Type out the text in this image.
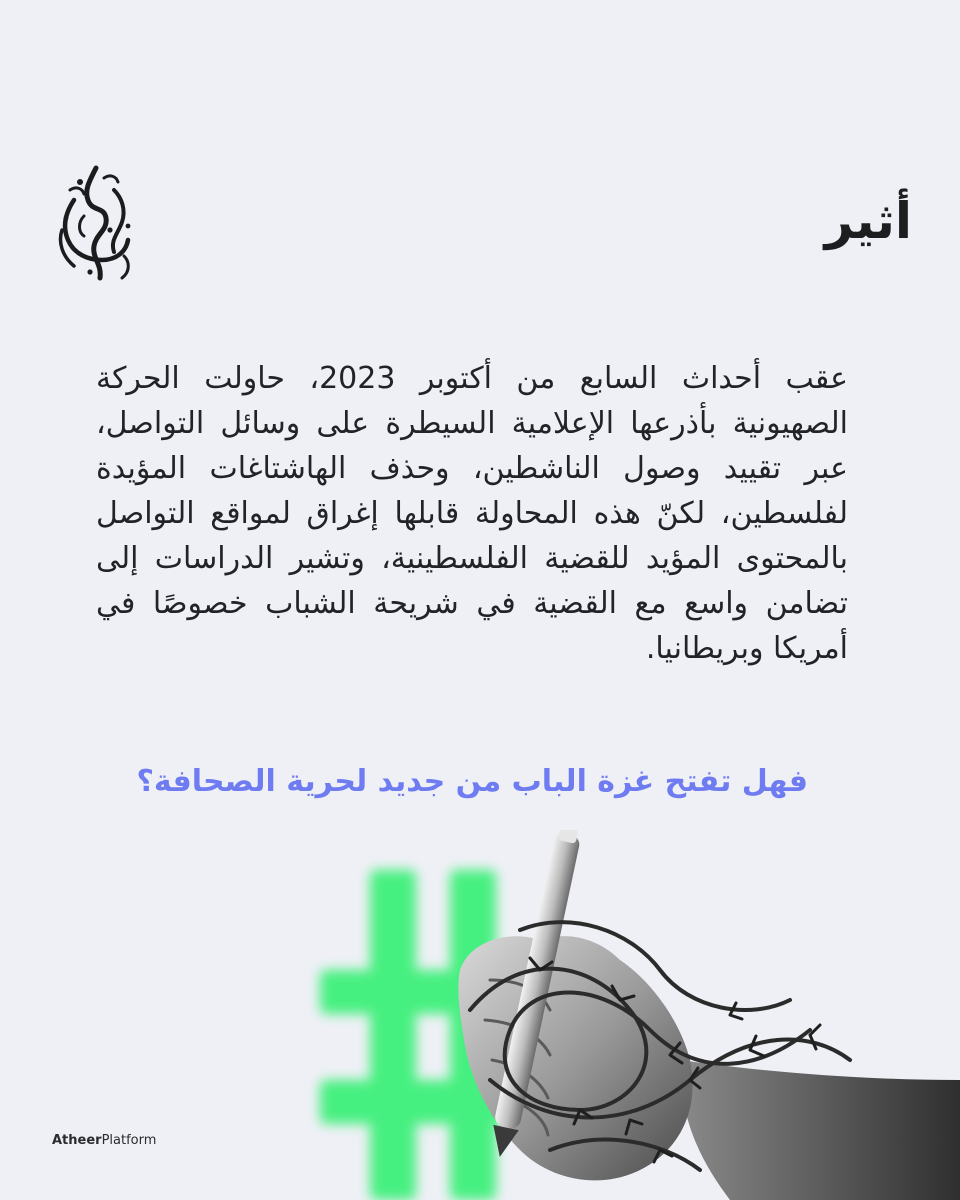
أثير

عقب أحداث السابع من أكتوبر 2023، حاولت الحركة الصهيونية بأذرعها الإعلامية السيطرة على وسائل التواصل، عبر تقييد وصول الناشطين، وحذف الهاشتاغات المؤيدة لفلسطين، لكنّ هذه المحاولة قابلها إغراق لمواقع التواصل بالمحتوى المؤيد للقضية الفلسطينية، وتشير الدراسات إلى تضامن واسع مع القضية في شريحة الشباب خصوصًا في أمريكا وبريطانيا.

فهل تفتح غزة الباب من جديد لحرية الصحافة؟

AtheerPlatform
